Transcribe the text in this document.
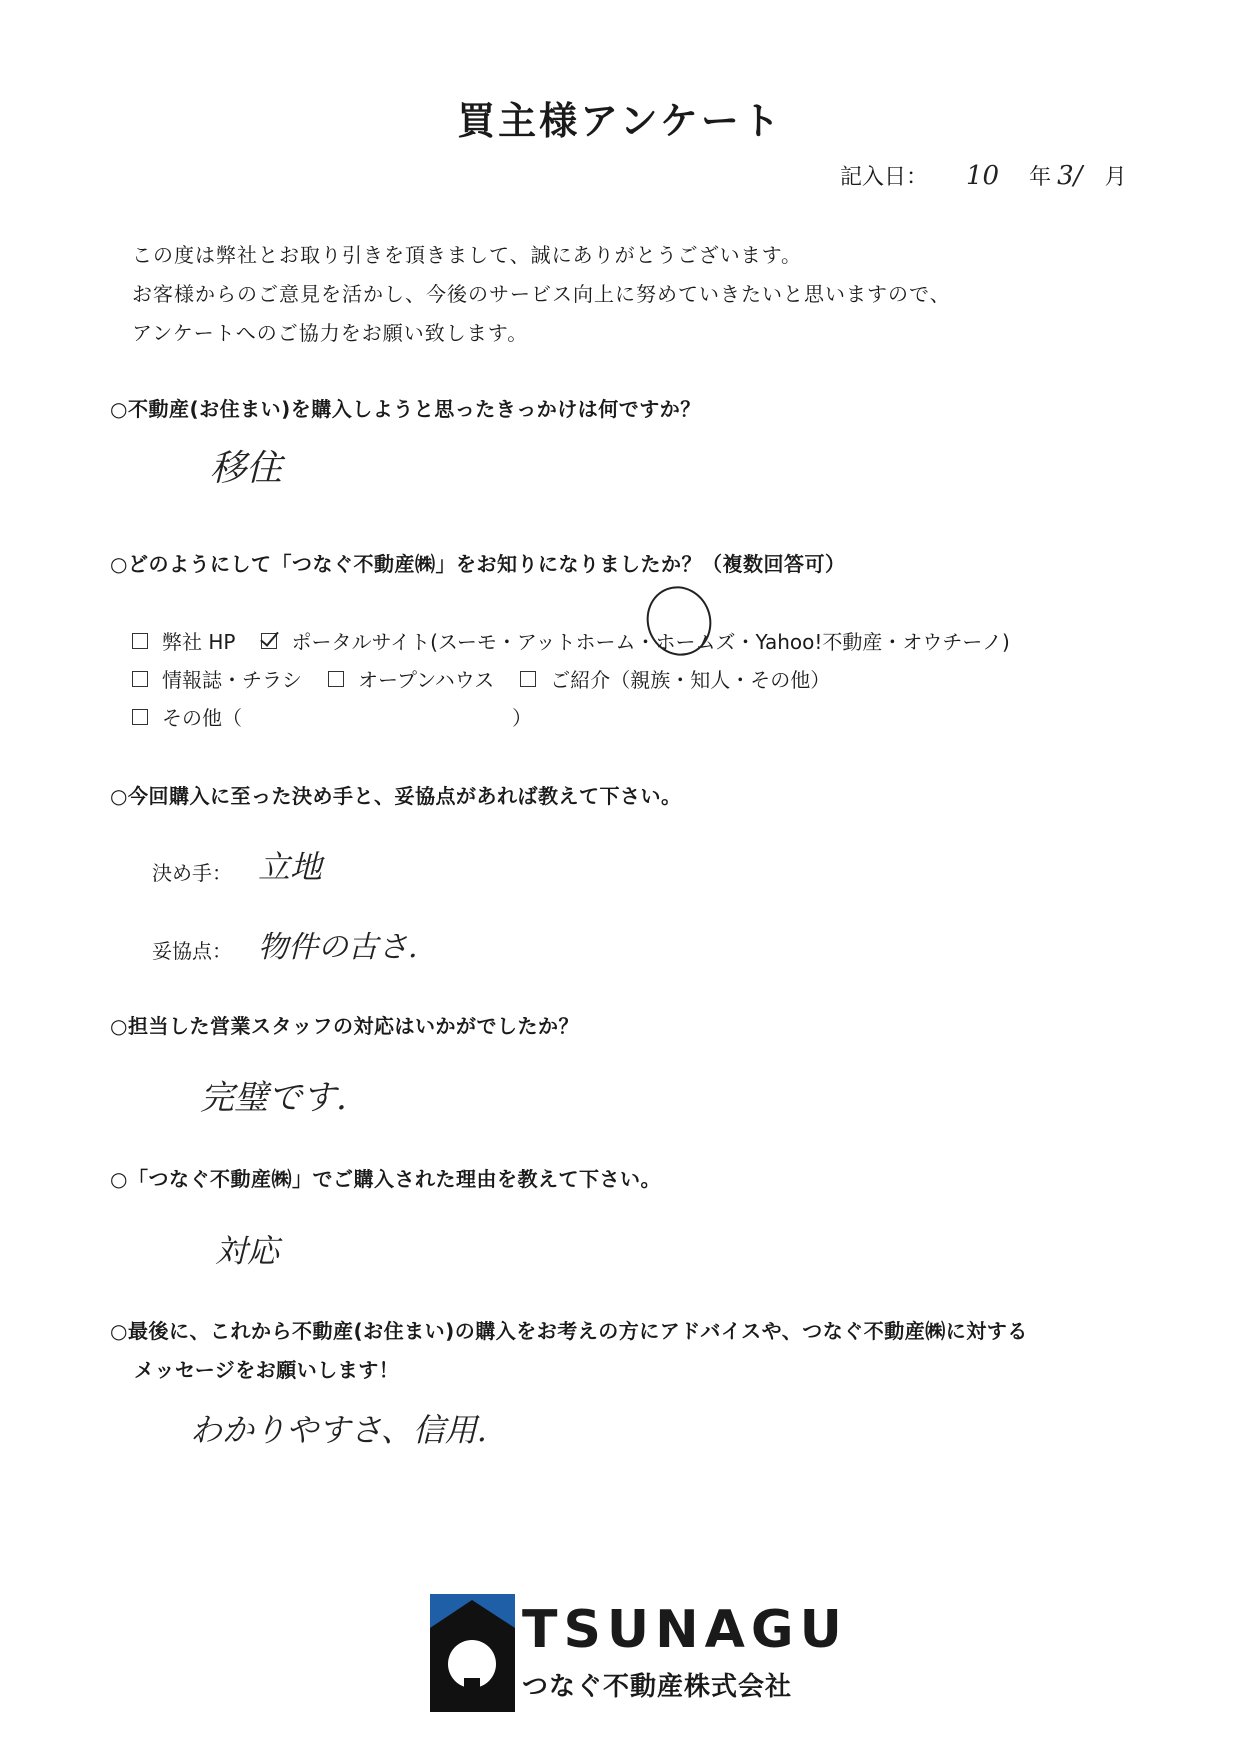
買主様アンケート
記入日： 10 年 3/ 月
この度は弊社とお取り引きを頂きまして、誠にありがとうございます。
お客様からのご意見を活かし、今後のサービス向上に努めていきたいと思いますので、
アンケートへのご協力をお願い致します。
○不動産(お住まい)を購入しようと思ったきっかけは何ですか？
移住
○どのようにして「つなぐ不動産㈱」をお知りになりましたか？（複数回答可）
弊社 HP	ポータルサイト(スーモ・アットホーム・ ホームズ ・Yahoo!不動産・オウチーノ)
情報誌・チラシ	オープンハウス	ご紹介（親族・知人・その他）
その他（	）
○今回購入に至った決め手と、妥協点があれば教えて下さい。
決め手： 立地
妥協点： 物件の古さ.
○担当した営業スタッフの対応はいかがでしたか？
完璧です.
○「つなぐ不動産㈱」でご購入された理由を教えて下さい。
対応
○最後に、これから不動産(お住まい)の購入をお考えの方にアドバイスや、つなぐ不動産㈱に対する
メッセージをお願いします！
わかりやすさ、信用.
TSUNAGU
つなぐ不動産株式会社
